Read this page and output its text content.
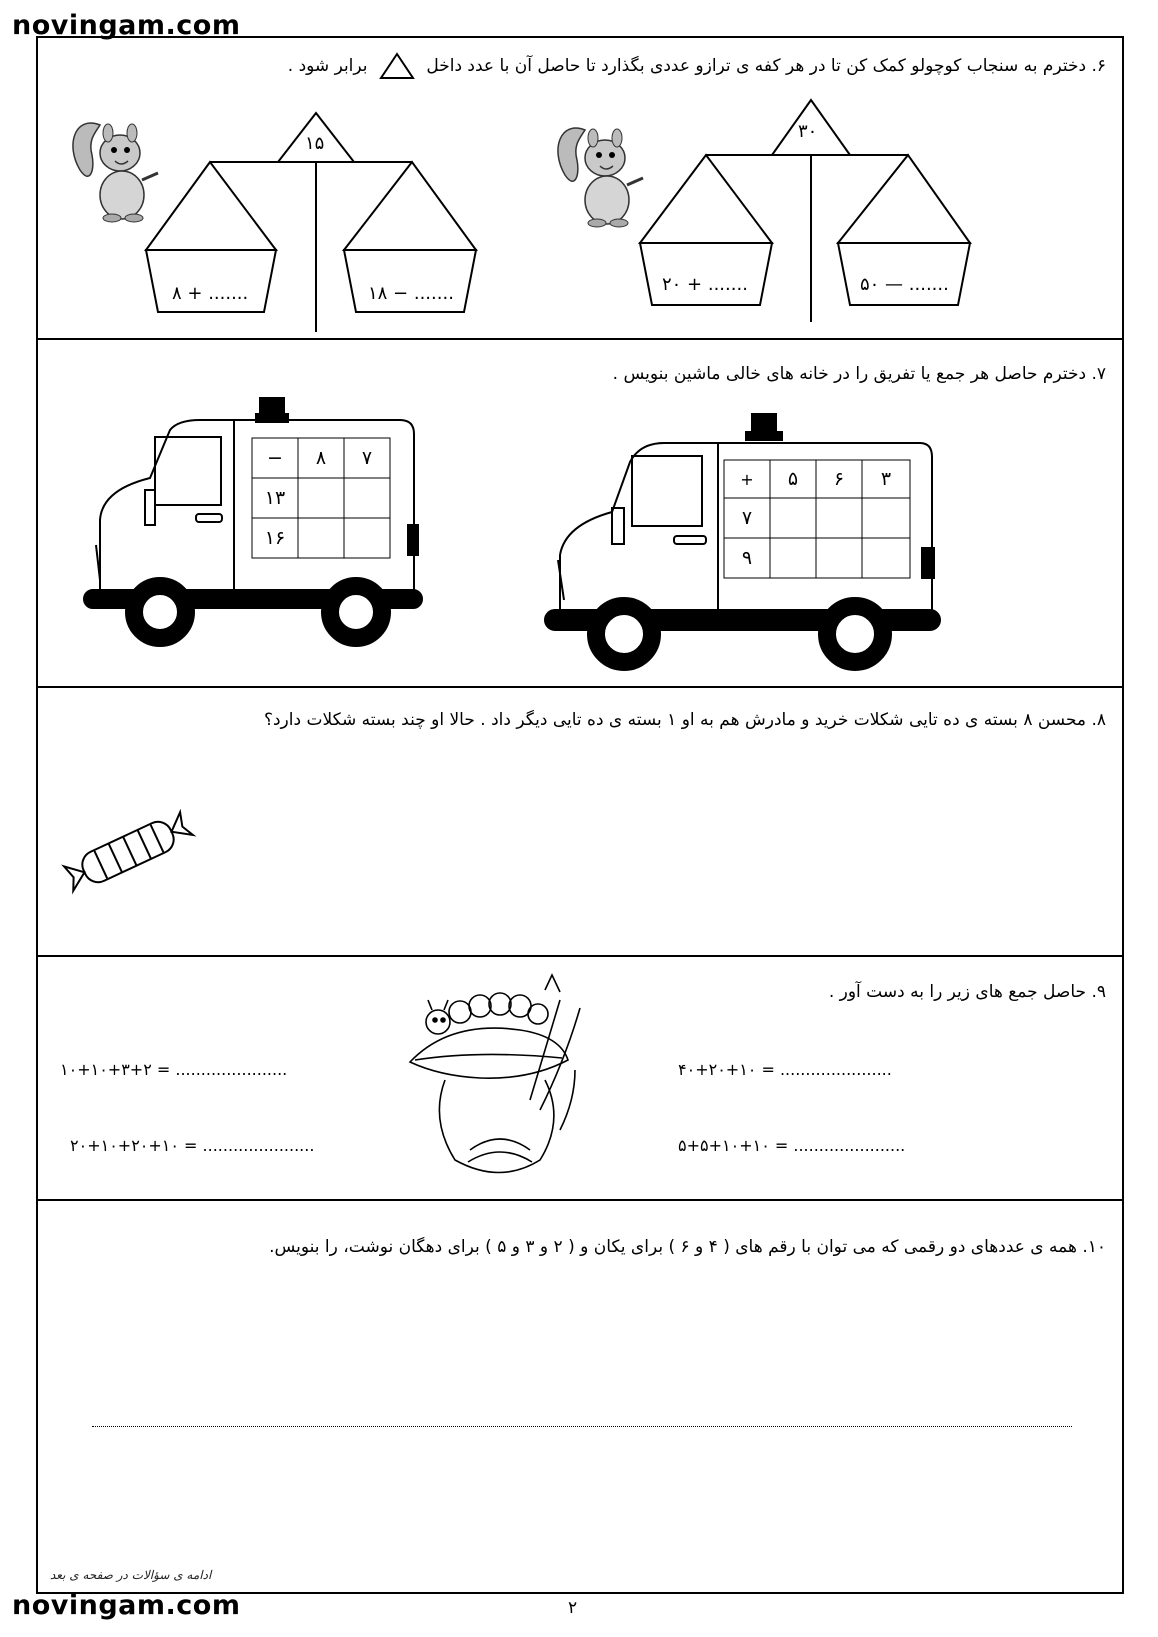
novingam.com
۶. دخترم به سنجاب کوچولو کمک کن تا در هر کفه ی ترازو عددی بگذارد تا حاصل آن با عدد داخل  برابر شود .
۱۵
۸ + .......	۱۸ − .......
۳۰
۲۰ + .......	۵۰ — .......
۷. دخترم حاصل هر جمع یا تفریق را در خانه های خالی ماشین بنویس .
−	۸	۷
۱۳
۱۶
+	۵	۶	۳
۷
۹
۸. محسن ۸ بسته ی ده تایی شکلات خرید و مادرش هم به او ۱ بسته ی ده تایی دیگر داد . حالا او چند بسته شکلات دارد؟
۹. حاصل جمع های زیر را به دست آور .
۴۰+۲۰+۱۰ = ......................
۱۰+۱۰+۳+۲ = ......................
۵+۵+۱۰+۱۰ = ......................
۲۰+۱۰+۲۰+۱۰ = ......................
۱۰. همه ی عددهای دو رقمی که می توان با رقم های ( ۴ و ۶ ) برای یکان و ( ۲ و ۳ و ۵ ) برای دهگان نوشت، را بنویس.
ادامه ی سؤالات در صفحه ی بعد
۲
novingam.com
